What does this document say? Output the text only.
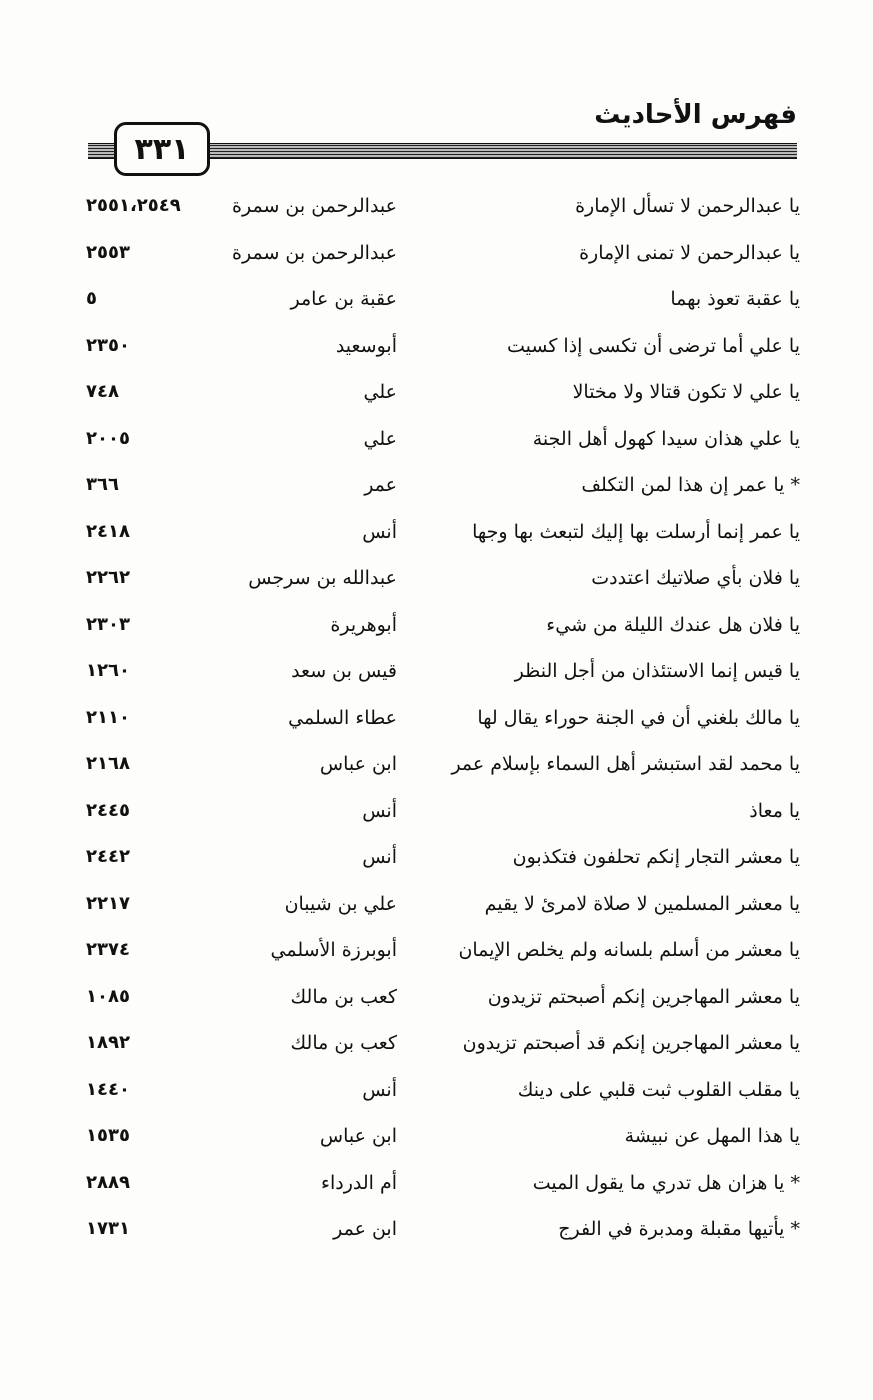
فهرس الأحاديث
٣٣١
يا عبدالرحمن لا تسأل الإمارة
عبدالرحمن بن سمرة
٢٥٥١،٢٥٤٩
يا عبدالرحمن لا تمنى الإمارة
عبدالرحمن بن سمرة
٢٥٥٣
يا عقبة تعوذ بهما
عقبة بن عامر
٥
يا علي أما ترضى أن تكسى إذا كسيت
أبوسعيد
٢٣٥٠
يا علي لا تكون قتالا ولا مختالا
علي
٧٤٨
يا علي هذان سيدا كهول أهل الجنة
علي
٢٠٠٥
* يا عمر إن هذا لمن التكلف
عمر
٣٦٦
يا عمر إنما أرسلت بها إليك لتبعث بها وجها
أنس
٢٤١٨
يا فلان بأي صلاتيك اعتددت
عبدالله بن سرجس
٢٢٦٢
يا فلان هل عندك الليلة من شيء
أبوهريرة
٢٣٠٣
يا قيس إنما الاستئذان من أجل النظر
قيس بن سعد
١٢٦٠
يا مالك بلغني أن في الجنة حوراء يقال لها
عطاء السلمي
٢١١٠
يا محمد لقد استبشر أهل السماء بإسلام عمر
ابن عباس
٢١٦٨
يا معاذ
أنس
٢٤٤٥
يا معشر التجار إنكم تحلفون فتكذبون
أنس
٢٤٤٢
يا معشر المسلمين لا صلاة لامرئ لا يقيم
علي بن شيبان
٢٢١٧
يا معشر من أسلم بلسانه ولم يخلص الإيمان
أبوبرزة الأسلمي
٢٣٧٤
يا معشر المهاجرين إنكم أصبحتم تزيدون
كعب بن مالك
١٠٨٥
يا معشر المهاجرين إنكم قد أصبحتم تزيدون
كعب بن مالك
١٨٩٢
يا مقلب القلوب ثبت قلبي على دينك
أنس
١٤٤٠
يا هذا المهل عن نبيشة
ابن عباس
١٥٣٥
* يا هزان هل تدري ما يقول الميت
أم الدرداء
٢٨٨٩
* يأتيها مقبلة ومدبرة في الفرج
ابن عمر
١٧٣١
